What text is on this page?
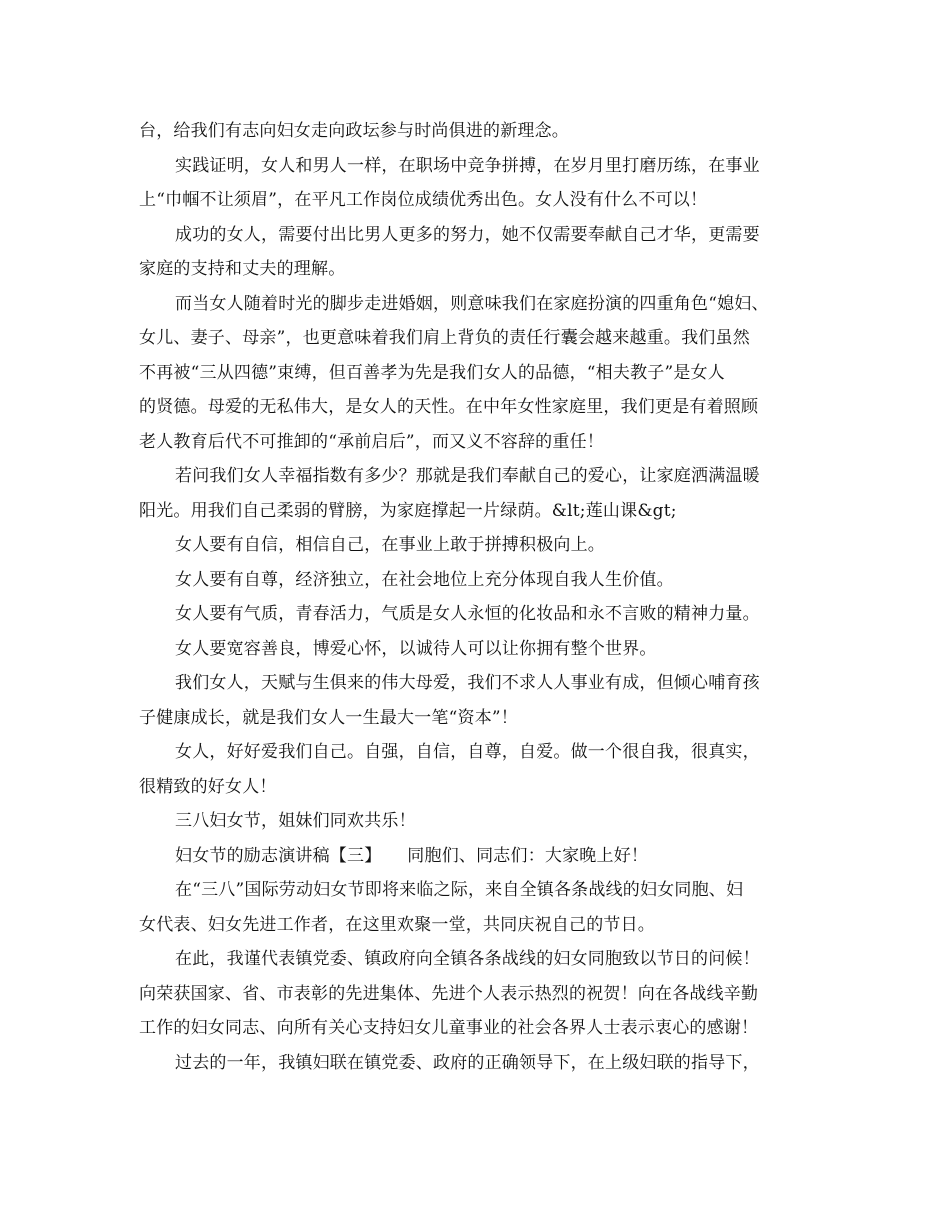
台，给我们有志向妇女走向政坛参与时尚俱进的新理念。

实践证明，女人和男人一样，在职场中竞争拼搏，在岁月里打磨历练，在事业

上“巾帼不让须眉”，在平凡工作岗位成绩优秀出色。女人没有什么不可以！

成功的女人，需要付出比男人更多的努力，她不仅需要奉献自己才华，更需要

家庭的支持和丈夫的理解。

而当女人随着时光的脚步走进婚姻，则意味我们在家庭扮演的四重角色“媳妇、

女儿、妻子、母亲”，也更意味着我们肩上背负的责任行囊会越来越重。我们虽然

不再被“三从四德”束缚，但百善孝为先是我们女人的品德，“相夫教子”是女人

的贤德。母爱的无私伟大，是女人的天性。在中年女性家庭里，我们更是有着照顾

老人教育后代不可推卸的“承前启后”，而又义不容辞的重任！

若问我们女人幸福指数有多少？那就是我们奉献自己的爱心，让家庭洒满温暖

阳光。用我们自己柔弱的臂膀，为家庭撑起一片绿荫。&lt;莲山课&gt;

女人要有自信，相信自己，在事业上敢于拼搏积极向上。

女人要有自尊，经济独立，在社会地位上充分体现自我人生价值。

女人要有气质，青春活力，气质是女人永恒的化妆品和永不言败的精神力量。

女人要宽容善良，博爱心怀，以诚待人可以让你拥有整个世界。

我们女人，天赋与生俱来的伟大母爱，我们不求人人事业有成，但倾心哺育孩

子健康成长，就是我们女人一生最大一笔“资本”！

女人，好好爱我们自己。自强，自信，自尊，自爱。做一个很自我，很真实，

很精致的好女人！

三八妇女节，姐妹们同欢共乐！

妇女节的励志演讲稿【三】　　同胞们、同志们：大家晚上好！

在“三八”国际劳动妇女节即将来临之际，来自全镇各条战线的妇女同胞、妇

女代表、妇女先进工作者，在这里欢聚一堂，共同庆祝自己的节日。

在此，我谨代表镇党委、镇政府向全镇各条战线的妇女同胞致以节日的问候！

向荣获国家、省、市表彰的先进集体、先进个人表示热烈的祝贺！向在各战线辛勤

工作的妇女同志、向所有关心支持妇女儿童事业的社会各界人士表示衷心的感谢！

过去的一年，我镇妇联在镇党委、政府的正确领导下，在上级妇联的指导下，
